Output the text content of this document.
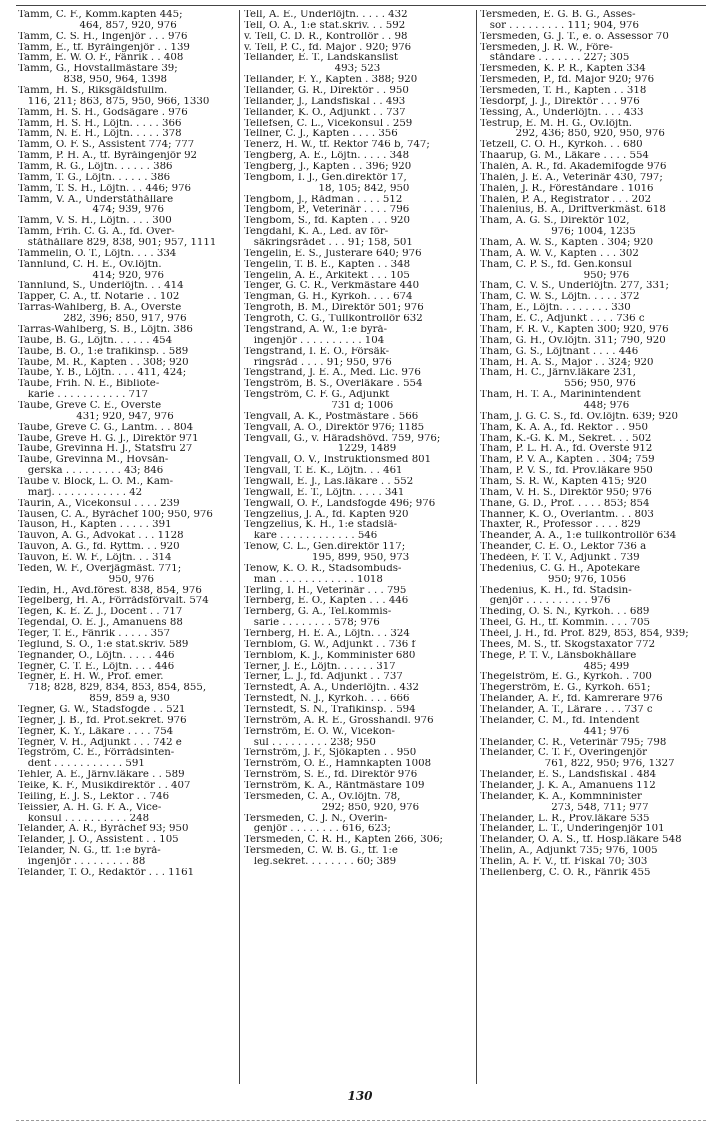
Tamm, C. F., Komm.kapten 445;
464, 857, 920, 976
Tamm, C. S. H., Ingenjör . . . 976
Tamm, E., tf. Byråingenjör . . 139
Tamm, E. W. O. F., Fänrik . . 408
Tamm, G., Hovstallmästare 39;
838, 950, 964, 1398
Tamm, H. S., Riksgäldsfullm.
116, 211; 863, 875, 950, 966, 1330
Tamm, H. S. H., Godsägare . 976
Tamm, H. S. H., Löjtn. . . . . 366
Tamm, N. E. H., Löjtn. . . . . 378
Tamm, O. F. S., Assistent 774; 777
Tamm, P. H. A., tf. Byråingenjör 92
Tamm, R. G., Löjtn. . . . . . 386
Tamm, T. G., Löjtn. . . . . . 386
Tamm, T. S. H., Löjtn. . . 446; 976
Tamm, V. A., Underståthållare
474; 939, 976
Tamm, V. S. H., Löjtn. . . . 300
Tamm, Frih. C. G. A., fd. Över-
ståthållare 829, 838, 901; 957, 1111
Tammelin, Ö. T., Löjtn. . . . 334
Tannlund, C. H. E., Öv.löjtn.
414; 920, 976
Tannlund, S., Underlöjtn. . . 414
Tapper, C. A., tf. Notarie . . 102
Tarras-Wahlberg, B. A., Överste
282, 396; 850, 917, 976
Tarras-Wahlberg, S. B., Löjtn. 386
Taube, B. G., Löjtn. . . . . . 454
Taube, B. O., 1:e trafikinsp. . 589
Taube, M. R., Kapten . . 308; 920
Taube, Y. B., Löjtn. . . . 411, 424;
Taube, Frih. N. E., Bibliote-
karie . . . . . . . . . . . 717
Taube, Greve C. E., Överste
431; 920, 947, 976
Taube, Greve C. G., Lantm. . . 804
Taube, Greve H. G. J., Direktör 971
Taube, Grevinna H. J., Statsfru 27
Taube, Grevinna M., Hovsån-
gerska . . . . . . . . . 43; 846
Taube v. Block, L. O. M., Kam-
marj. . . . . . . . . . . . 42
Taurin, A., Vicekonsul . . . . 239
Tausen, C. A., Byråchef 100; 950, 976
Tauson, H., Kapten . . . . . 391
Tauvon, A. G., Advokat . . . 1128
Tauvon, A. G., fd. Ryttm. . . 920
Tauvon, E. W. F., Löjtn. . . 314
Teden, W. F., Överjägmäst. 771;
950, 976
Tedin, H., Avd.förest. 838, 854, 976
Tegelberg, H. A., Förrådsförvalt. 574
Tegen, K. E. Z. J., Docent . . 717
Tegendal, O. E. J., Amanuens 88
Teger, T. E., Fänrik . . . . . 357
Teglund, S. O., 1:e stat.skriv. 589
Tegnander, O., Löjtn. . . . . 446
Tegnér, C. T. E., Löjtn. . . . 446
Tegnér, E. H. W., Prof. emer.
718; 828, 829, 834, 853, 854, 855,
859, 859 a, 930
Tegner, G. W., Stadsfogde . . 521
Tegnér, J. B., fd. Prot.sekret. 976
Tegnér, K. Y., Läkare . . . . 754
Tegnér, V. H., Adjunkt . . . 742 e
Tegström, C. E., Förrådsinten-
dent . . . . . . . . . . . 591
Tehler, A. E., Järnv.läkare . . 589
Teike, K. F., Musikdirektör . . 407
Teiling, E. J. S., Lektor . . 746
Teissier, A. H. G. F. A., Vice-
konsul . . . . . . . . . . 248
Telander, A. R., Byråchef 93; 950
Telander, J. O., Assistent . . 105
Telander, N. G., tf. 1:e byrå-
ingenjör . . . . . . . . . 88
Telander, T. O., Redaktör . . . 1161
Tell, A. E., Underlöjtn. . . . . 432
Tell, O. A., 1:e stat.skriv. . . 592
v. Tell, C. D. R., Kontrollör . . 98
v. Tell, P. C., fd. Major . 920; 976
Tellander, E. T., Landskanslist
493; 523
Tellander, F. Y., Kapten . 388; 920
Tellander, G. R., Direktör . . 950
Tellander, J., Landsfiskal . . 493
Tellander, K. O., Adjunkt . . 737
Tellefsen, C. L., Vicekonsul . 259
Tellner, C. J., Kapten . . . . 356
Tenerz, H. W., tf. Rektor 746 b, 747;
Tengberg, A. E., Löjtn. . . . . 348
Tengberg, J., Kapten . . 396; 920
Tengbom, I. J., Gen.direktör 17,
18, 105; 842, 950
Tengbom, J., Rådman . . . . 512
Tengbom, P., Veterinär . . . . 796
Tengbom, S., fd. Kapten . . . 920
Tengdahl, K. A., Led. av för-
säkringsrådet . . . 91; 158, 501
Tengelin, E. S., Justerare 640; 976
Tengelin, T. B. E., Kapten . . 348
Tengelin, Å. E., Arkitekt . . . 105
Tenger, G. C. R., Verkmästare 440
Tengman, G. H., Kyrkoh. . . . 674
Tengroth, B. M., Direktör 501; 976
Tengroth, C. G., Tullkontrollör 632
Tengstrand, A. W., 1:e byrå-
ingenjör . . . . . . . . . . 104
Tengstrand, I. E. O., Försäk-
ringsråd . . . . 91; 950, 976
Tengstrand, J. E. A., Med. Lic. 976
Tengström, B. S., Överläkare . 554
Tengström, C. F. G., Adjunkt
731 d; 1006
Tengvall, A. K., Postmästare . 566
Tengvall, A. O., Direktör 976; 1185
Tengvall, G., v. Häradshövd. 759, 976;
1229, 1489
Tengvall, O. V., Instruktionsmed 801
Tengvall, T. E. K., Löjtn. . . 461
Tengwall, E. J., Las.läkare . . 552
Tengwall, E. T., Löjtn. . . . . 341
Tengwall, O. F., Landsfogde 496; 976
Tengzelius, J. A., fd. Kapten 920
Tengzelius, K. H., 1:e stadslä-
kare . . . . . . . . . . . . 546
Tenow, C. L., Gen.direktör 117;
195, 899, 950, 973
Tenow, K. O. R., Stadsombuds-
man . . . . . . . . . . . . 1018
Terling, I. H., Veterinär . . . 795
Ternberg, E. O., Kapten . . . 446
Ternberg, G. A., Tel.kommis-
sarie . . . . . . . . 578; 976
Ternberg, H. E. A., Löjtn. . . 324
Ternblom, G. W., Adjunkt . . 736 f
Ternblom, K. J., Komminister 680
Terner, J. E., Löjtn. . . . . . 317
Terner, L. J., fd. Adjunkt . . 737
Ternstedt, A. A., Underlöjtn. . 432
Ternstedt, N. J., Kyrkoh. . . . 666
Ternstedt, S. N., Trafikinsp. . 594
Ternström, A. R. E., Grosshandl. 976
Ternström, E. O. W., Vicekon-
sul . . . . . . . . . 238; 950
Ternström, J. F., Sjökapten . . 950
Ternström, O. E., Hamnkapten 1008
Ternström, S. E., fd. Direktör 976
Ternström, K. A., Räntmästare 109
Tersmeden, C. A., Öv.löjtn. 78,
292; 850, 920, 976
Tersmeden, C. J. N., Överin-
genjör . . . . . . . . 616, 623;
Tersmeden, C. R. H., Kapten 266, 306;
Tersmeden, C. W. B. G., tf. 1:e
leg.sekret. . . . . . . . 60; 389
Tersmeden, E. G. B. G., Asses-
sor . . . . . . . . . 111; 904, 976
Tersmeden, G. J. T., e. o. Assessor 70
Tersmeden, J. R. W., Före-
ståndare . . . . . . . 227; 305
Tersmeden, K. P. R., Kapten 334
Tersmeden, P., fd. Major 920; 976
Tersmeden, T. H., Kapten . . 318
Tesdorpf, J. J., Direktör . . . 976
Tessing, A., Underlöjtn. . . . 433
Testrup, E. M. H. G., Öv.löjtn.
292, 436; 850, 920, 950, 976
Tetzell, C. O. H., Kyrkoh. . . 680
Thaarup, G. M., Läkare . . . . 554
Thalén, A. R., fd. Akademifogde 976
Thalén, J. E. A., Veterinär 430, 797;
Thalén, J. R., Föreståndare . 1016
Thalén, P. A., Registrator . . . 202
Thalenius, B. A., Driftverkmäst. 618
Tham, A. G. S., Direktör 102,
976; 1004, 1235
Tham, A. W. S., Kapten . 304; 920
Tham, A. W. V., Kapten . . . 302
Tham, C. P. S., fd. Gen.konsul
950; 976
Tham, C. V. S., Underlöjtn. 277, 331;
Tham, C. W. S., Löjtn. . . . . 372
Tham, E., Löjtn. . . . . . . . 330
Tham, E. C., Adjunkt . . . . 736 c
Tham, F. R. V., Kapten 300; 920, 976
Tham, G. H., Öv.löjtn. 311; 790, 920
Tham, G. S., Löjtnant . . . . 446
Tham, H. A. S., Major . . 324; 920
Tham, H. C., Järnv.läkare 231,
556; 950, 976
Tham, H. T. A., Marinintendent
448; 976
Tham, J. G. C. S., fd. Öv.löjtn. 639; 920
Tham, K. A. A., fd. Rektor . . 950
Tham, K.-G. K. M., Sekret. . . 502
Tham, P. L. H. A., fd. Överste 912
Tham, P. V. A., Kapten . . 304; 759
Tham, P. V. S., fd. Prov.läkare 950
Tham, S. R. W., Kapten 415; 920
Tham, V. H. S., Direktör 950; 976
Thane, G. D., Prof. . . . . 853; 854
Thanner, K. O., Överlantm. . . 803
Thaxter, R., Professor . . . . 829
Theander, A. A., 1:e tullkontrollör 634
Theander, C. E. O., Lektor 736 a
Thedéen, F. T. V., Adjunkt . 739
Thedenius, C. G. H., Apotekare
950; 976, 1056
Thedenius, K. H., fd. Stadsin-
genjör . . . . . . . . . . 976
Theding, O. S. N., Kyrkoh. . . 689
Theel, G. H., tf. Kommin. . . . 705
Théel, J. H., fd. Prof. 829, 853, 854, 939;
Thees, M. S., tf. Skogstaxator 772
Thege, P. T. V., Länsbokhållare
485; 499
Thegelström, E. G., Kyrkoh. . 700
Thegerström, E. G., Kyrkoh. 651;
Thelander, A. F., fd. Kamrerare 976
Thelander, A. T., Lärare . . . 737 c
Thelander, C. M., fd. Intendent
441; 976
Thelander, C. R., Veterinär 795; 798
Thelander, C. T. F., Överingenjör
761, 822, 950; 976, 1327
Thelander, E. S., Landsfiskal . 484
Thelander, J. K. A., Amanuens 112
Thelander, K. A., Kommninister
273, 548, 711; 977
Thelander, L. R., Prov.läkare 535
Thelander, L. T., Underingenjör 101
Thelander, O. A. S., tf. Hosp.läkare 548
Thelin, A., Adjunkt 735; 976, 1005
Thelin, A. F. V., tf. Fiskal 70; 303
Thellenberg, C. O. R., Fänrik 455
130
